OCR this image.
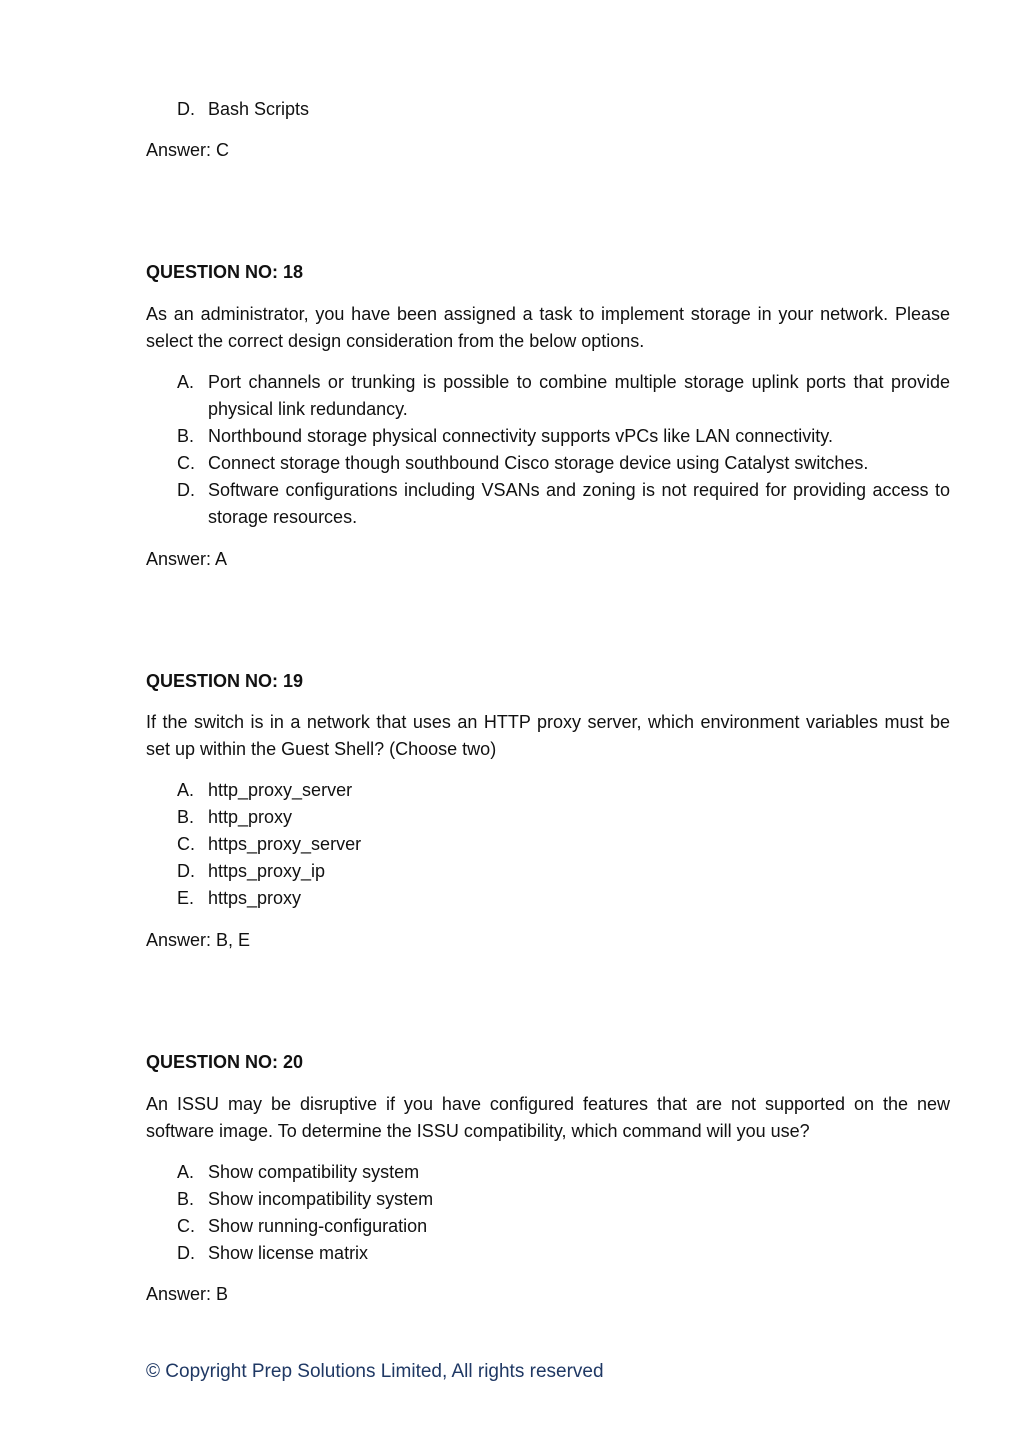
D. Bash Scripts
Answer: C
QUESTION NO: 18
As an administrator, you have been assigned a task to implement storage in your network. Please select the correct design consideration from the below options.
A. Port channels or trunking is possible to combine multiple storage uplink ports that provide physical link redundancy.
B. Northbound storage physical connectivity supports vPCs like LAN connectivity.
C. Connect storage though southbound Cisco storage device using Catalyst switches.
D. Software configurations including VSANs and zoning is not required for providing access to storage resources.
Answer: A
QUESTION NO: 19
If the switch is in a network that uses an HTTP proxy server, which environment variables must be set up within the Guest Shell? (Choose two)
A. http_proxy_server
B. http_proxy
C. https_proxy_server
D. https_proxy_ip
E. https_proxy
Answer: B, E
QUESTION NO: 20
An ISSU may be disruptive if you have configured features that are not supported on the new software image. To determine the ISSU compatibility, which command will you use?
A. Show compatibility system
B. Show incompatibility system
C. Show running-configuration
D. Show license matrix
Answer: B
© Copyright Prep Solutions Limited, All rights reserved
